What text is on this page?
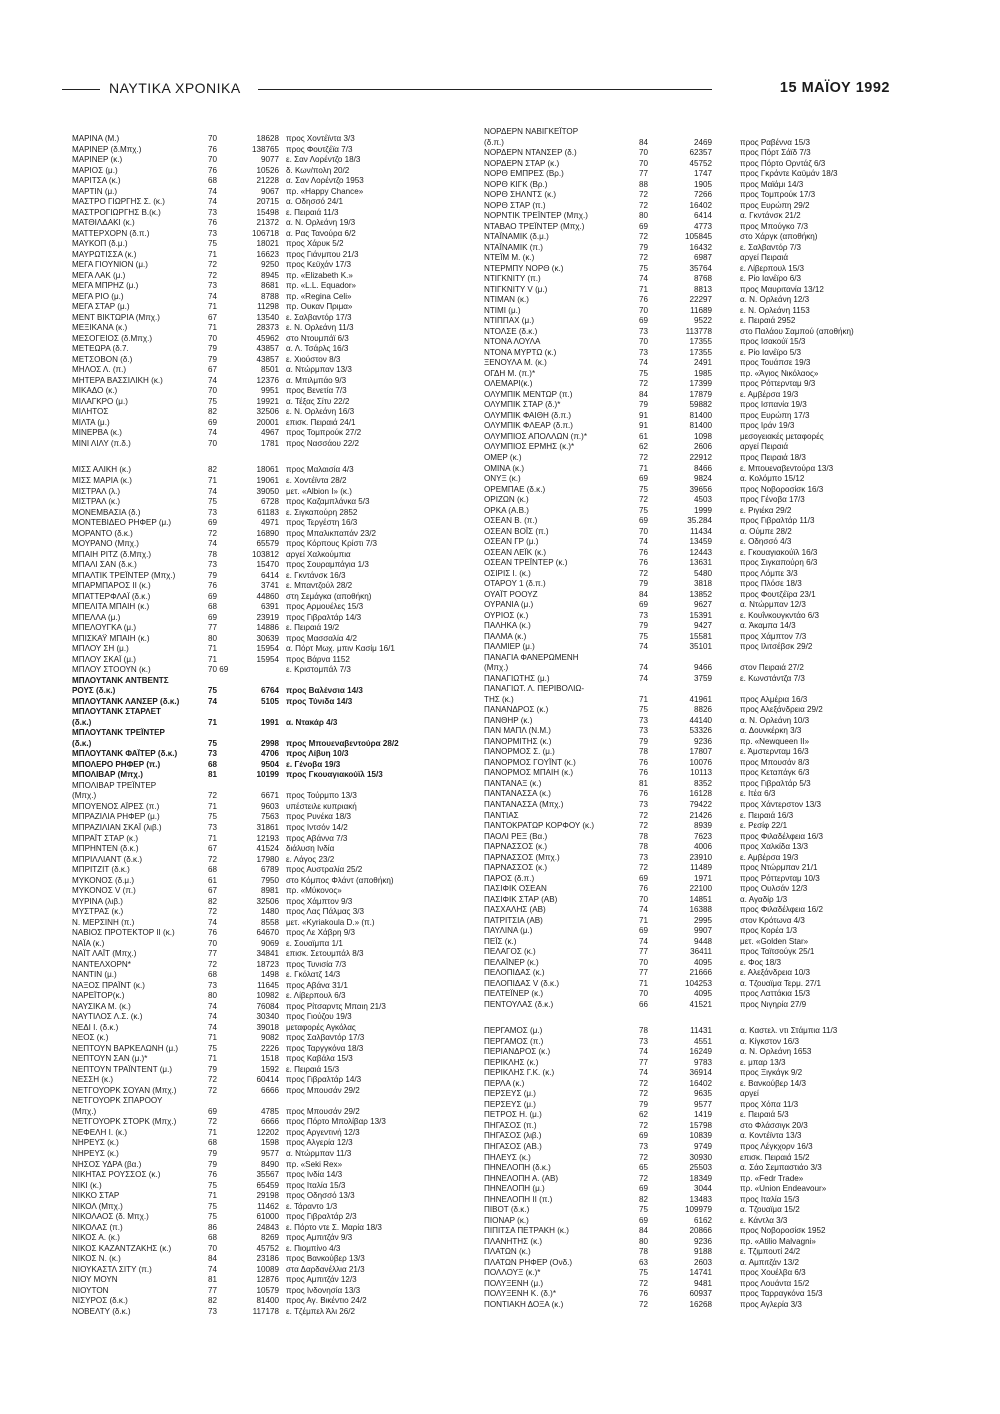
ΝΑΥΤΙΚΑ ΧΡΟΝΙΚΑ	15 ΜΑΪΟΥ 1992
ΜΑΡΙΝΑ (Μ.)	70	18628 προς Χοντέϊντα 3/3
ΜΑΡΙΝΕΡ (δ.Μπχ.)	76	138765 προς Φουτζέϊα 7/3
ΜΑΡΙΝΕΡ (κ.)	70	9077 ε. Σαν Λορέντζο 18/3
ΜΑΡΙΟΣ (μ.)	76	10526 δ. Κων/πολη 20/2
ΜΑΡΙΤΣΑ (κ.)	68	21228 α. Σαν Λορέντζο 1953
ΜΑΡΤΙΝ (μ.)	74	9067 πρ. «Happy Chance»
ΜΑΣΤΡΟ ΓΙΩΡΓΗΣ Σ. (κ.)	74	20715 α. Οδησσό 24/1
ΜΑΣΤΡΟΓΙΩΡΓΗΣ Β.(κ.)	73	15498 ε. Πειραιά 11/3
ΜΑΤΘΙΛΔΑΚΙ (κ.)	76	21372 α. Ν. Ορλεάνη 19/3
ΜΑΤΤΕΡΧΟΡΝ (δ.π.)	73	106718 α. Ρας Τανούρα 6/2
ΜΑΥΚΟΠ (δ.μ.)	75	18021 προς Χάρυκ 5/2
ΜΑΥΡΩΤΙΣΣΑ (κ.)	71	16623 προς Γιάνμπου 21/3
ΜΕΓΑ ΓΙΟΥΝΙΟΝ (μ.)	72	9250 προς Κεϋχάν 17/3
ΜΕΓΑ ΛΑΚ (μ.)	72	8945 πρ. «Elizabeth K.»
ΜΕΓΑ ΜΠΡΗΖ (μ.)	73	8681 πρ. «L.L. Equador»
ΜΕΓΑ ΡΙΟ (μ.)	74	8788 πρ. «Regina Celi»
ΜΕΓΑ ΣΤΑΡ (μ.)	71	11298 πρ. Ουκαν Πριμα»
ΜΕΝΤ ΒΙΚΤΩΡΙΑ (Μπχ.)	67	13540 ε. Σαλβαντόρ 17/3
ΜΕΞΙΚΑΝΑ (κ.)	71	28373 ε. Ν. Ορλεάνη 11/3
ΜΕΣΟΓΕΙΟΣ (δ.Μπχ.)	70	45962 στο Ντουμπάϊ 6/3
ΜΕΤΕΩΡΑ (δ.7.	79	43857 α. Λ. Τσάρλς 16/3
ΜΕΤΣΟΒΟΝ (δ.)	79	43857 ε. Χιούστον 8/3
ΜΗΛΟΣ Λ. (π.)	67	8501 α. Ντώρμπαν 13/3
ΜΗΤΕΡΑ ΒΑΣΣΙΛΙΚΗ (κ.)	74	12376 α. Μπιλμπάο 9/3
ΜΙΚΑΔΟ (κ.)	70	9951 προς Βενετία 7/3
ΜΙΛΑΓΚΡΟ (μ.)	75	19921 α. Τέξας Σίτυ 22/2
ΜΙΛΗΤΟΣ	82	32506 ε. Ν. Ορλεάνη 16/3
ΜΙΛΤΑ (μ.)	69	20001 επισκ. Πειραιά 24/1
ΜΙΝΕΡΒΑ (κ.)	74	4967 προς Τομπρούκ 27/2
ΜΙΝΙ ΛΙΛΥ (π.δ.)	70	1781 προς Νασσάου 22/2
ΜΙΣΣ ΑΛΙΚΗ (κ.)	82	18061 προς Μαλαισία 4/3
ΜΙΣΣ ΜΑΡΙΑ (κ.)	71	19061 ε. Χοντέϊντα 28/2
ΜΙΣΤΡΑΛ (λ.)	74	39050 μετ. «Albion I» (κ.)
ΜΙΣΤΡΑΛ (κ.)	75	6728 προς Καζαμπλάνκα 5/3
ΜΟΝΕΜΒΑΣΙΑ (δ.)	73	61183 ε. Σιγκαπούρη 2852
ΜΟΝΤΕΒΙΔΕΟ ΡΗΦΕΡ (μ.)	69	4971 προς Τεργέστη 16/3
ΜΟΡΑΝΤΟ (δ.κ.)	72	16890 προς Μπαλικπαπάν 23/2
ΜΟΥΡΑΝΟ (Μπχ.)	74	65579 προς Κόρπους Κρίστι 7/3
ΜΠΑΙΗ ΡΙΤΖ (δ.Μπχ.)	78	103812 αργεί Χαλκούμπια
ΜΠΑΛΙ ΣΑΝ (δ.κ.)	73	15470 προς Σουραμπάγια 1/3
ΜΠΑΛΤΙΚ ΤΡΕΪΝΤΕΡ (Μπχ.)	79	6414 ε. Γκντάνσκ 16/3
ΜΠΑΡΜΠΑΡΟΣ ΙΙ (κ.)	76	3741 ε. Μπαντζούλ 28/2
ΜΠΑΤΤΕΡΦΛΑΪ (δ.κ.)	69	44860 στη Σεμάγκα (αποθήκη)
ΜΠΕΛΙΤΑ ΜΠΑΙΗ (κ.)	68	6391 προς Αρμουέλες 15/3
ΜΠΕΛΛΑ (μ.)	69	23919 προς Γιβραλτάρ 14/3
ΜΠΕΛΟΥΓΚΑ (μ.)	77	14886 ε. Πειραιά 19/2
ΜΠΙΣΚΑΫ ΜΠΑΙΗ (κ.)	80	30639 προς Μασσαλία 4/2
ΜΠΛΟΥ ΣΗ (μ.)	71	15954 α. Πόρτ Μωχ. μπιν Κασίμ 16/1
ΜΠΛΟΥ ΣΚΑΪ (μ.)	71	15954 προς Βάρνα 1152
ΜΠΛΟΥ ΣΤΟΟΥΝ (κ.)	70 69	ε. Κριστομπάλ 7/3
ΜΠΛΟΥΤΑΝΚ ΑΝΤΒΕΝΤΣ
ΡΟΥΣ (δ.κ.)	75	6764 προς Βαλένσια 14/3
ΜΠΛΟΥΤΑΝΚ ΛΑΝΣΕΡ (δ.κ.)	74	5105 προς Τύνιδα 14/3
ΜΠΛΟΥΤΑΝΚ ΣΤΑΡΛΕΤ
(δ.κ.)	71	1991 α. Ντακάρ 4/3
ΜΠΛΟΥΤΑΝΚ ΤΡΕΪΝΤΕΡ
(δ.κ.)	75	2998 προς Μπουεναβεντούρα 28/2
ΜΠΛΟΥΤΑΝΚ ΦΑΪΤΕΡ (δ.κ.)	73	4706 προς Λίβυη 10/3
ΜΠΟΛΕΡΟ ΡΗΦΕΡ (π.)	68	9504 ε. Γένοβα 19/3
ΜΠΟΛΙΒΑΡ (Μπχ.)	81	10199 προς Γκουαγιακούϊλ 15/3
ΜΠΟΛΙΒΑΡ ΤΡΕΪΝΤΕΡ
(Μπχ.)	72	6671 προς Τούρμπο 13/3
ΜΠΟΥΕΝΟΣ ΑΪΡΕΣ (π.)	71	9603 υπέστειλε κυπριακή
ΜΠΡΑΖΙΛΙΑ ΡΗΦΕΡ (μ.)	75	7563 προς Ρυνέκα 18/3
ΜΠΡΑΖΙΛΙΑΝ ΣΚΑΪ (λιβ.)	73	31861 προς Ιντσόν 14/2
ΜΠΡΑΪΤ ΣΤΑΡ (κ.)	71	12193 προς Αβάννα 7/3
ΜΠΡΗΝΤΕΝ (δ.κ.)	67	41524 διάλυση Ινδία
ΜΠΡΙΛΛΙΑΝΤ (δ.κ.)	72	17980 ε. Λάγος 23/2
ΜΠΡΙΤΖΙΤ (δ.κ.)	68	6789 προς Αυστραλία 25/2
ΜΥΚΟΝΟΣ (δ.μ.)	61	7950 στο Κόμπος Φλάντ (αποθήκη)
ΜΥΚΟΝΟΣ V (π.)	67	8981 πρ. «Μύκονος»
ΜΥΡΙΝΑ (λιβ.)	82	32506 προς Χάμπτον 9/3
ΜΥΣΤΡΑΣ (κ.)	72	1480 προς Λας Πάλμας 3/3
Ν. ΜΕΡΣΙΝΗ (π.)	74	8558 μετ. «Kyriakoula D.» (π.)
ΝΑΒΙΟΣ ΠΡΟΤΕΚΤΟΡ ΙΙ (κ.)	76	64670 προς Λε Χάβρη 9/3
ΝΑΪΑ (κ.)	70	9069 ε. Σουαϊμπα 1/1
ΝΑΪΤ ΛΑΪΤ (Μπχ.)	77	34841 επισκ. Σετουμπάλ 8/3
ΝΑΝΤΕΛΧΟΡΝ*	72	18723 προς Τυνισία 7/3
ΝΑΝΤΙΝ (μ.)	68	1498 ε. Γκόλατζ 14/3
ΝΑΞΟΣ ΠΡΑΪΝΤ (κ.)	73	11645 προς Αβάνα 31/1
ΝΑΡΕΪΤΟΡ(κ.)	80	10982 ε. Λίβερπουλ 6/3
ΝΑΥΣΙΚΑ Μ. (κ.)	74	76084 προς Ρίτσαρντς Μπαιη 21/3
ΝΑΥΤΙΛΟΣ Λ.Σ. (κ.)	74	30340 προς Γιούζου 19/3
ΝΕΔΙ Ι. (δ.κ.)	74	39018 μεταφορές Αγκόλας
ΝΕΟΣ (κ.)	71	9082 προς Σαλβαντόρ 17/3
ΝΕΠΤΟΥΝ ΒΑΡΚΕΛΩΝΗ (μ.)	75	2226 προς Ταργγκόνα 18/3
ΝΕΠΤΟΥΝ ΣΑΝ (μ.)*	71	1518 προς Καβάλα 15/3
ΝΕΠΤΟΥΝ ΤΡΑΪΝΤΕΝΤ (μ.)	79	1592 ε. Πειραιά 15/3
ΝΕΣΣΗ (κ.)	72	60414 προς Γιβραλτάρ 14/3
ΝΕΤΓΟΥΟΡΚ ΣΟΥΑΝ (Μπχ.)	72	6666 προς Μπουσάν 29/2
ΝΕΤΓΟΥΟΡΚ ΣΠΑΡΟΟΥ
(Μπχ.)	69	4785 προς Μπουσάν 29/2
ΝΕΤΓΟΥΟΡΚ ΣΤΟΡΚ (Μπχ.)	72	6666 προς Πόρτο Μπολίβαρ 13/3
ΝΕΦΕΛΗ Ι. (κ.)	71	12202 προς Αργεντινή 12/3
ΝΗΡΕΥΣ (κ.)	68	1598 προς Αλγερία 12/3
ΝΗΡΕΥΣ (κ.)	79	9577 α. Ντώρμπαν 11/3
ΝΗΣΟΣ ΥΔΡΑ (βα.)	79	8490 πρ. «Seki Rex»
ΝΙΚΗΤΑΣ ΡΟΥΣΣΟΣ (κ.)	76	35567 προς Ινδία 14/3
ΝΙΚΙ (κ.)	75	65459 προς Ιταλία 15/3
ΝΙΚΚΟ ΣΤΑΡ	71	29198 προς Οδησσό 13/3
ΝΙΚΟΛ (Μπχ.)	75	11462 ε. Τάραντο 1/3
ΝΙΚΟΛΑΟΣ (δ. Μπχ.)	75	61000 προς Γιβραλτάρ 2/3
ΝΙΚΟΛΑΣ (π.)	86	24843 ε. Πόρτο ντε Σ. Μαρία 18/3
ΝΙΚΟΣ Α. (κ.)	68	8269 προς Αμπιτζάν 9/3
ΝΙΚΟΣ ΚΑΖΑΝΤΖΑΚΗΣ (κ.)	70	45752 ε. Πιομπίνο 4/3
ΝΙΚΟΣ Ν. (κ.)	84	23186 προς Βανκούβερ 13/3
ΝΙΟΥΚΑΣΤΛ ΣΙΤΥ (π.)	74	10089 στα Δαρδανέλλια 21/3
ΝΙΟΥ ΜΟΥΝ	81	12876 προς Αμπιτζάν 12/3
ΝΙΟΥΤΟΝ	77	10579 προς Ινδονησία 13/3
ΝΙΣΥΡΟΣ (δ.κ.)	82	81400 προς Αγ. Βικέντιο 24/2
ΝΟΒΕΛΤΥ (δ.κ.)	73	117178 ε. Τζέμπελ Άλι 26/2
ΝΟΡΔΕΡΝ ΝΑΒΙΓΚΕΪΤΟΡ
(δ.π.)	84	2469	προς Ραβέννα 15/3
ΝΟΡΔΕΡΝ ΝΤΑΝΣΕΡ (δ.)	70	62357	προς Πόρτ Σάϊδ 7/3
ΝΟΡΔΕΡΝ ΣΤΑΡ (κ.)	70	45752	προς Πόρτο Ορντάζ 6/3
ΝΟΡΘ ΕΜΠΡΕΣ (Βρ.)	77	1747	προς Γκράντε Καϋμάν 18/3
ΝΟΡΘ ΚΙΓΚ (Βρ.)	88	1905	προς Μαϊάμι 14/3
ΝΟΡΘ ΣΗΛΝΤΣ (κ.)	72	7266	προς Τομπρούκ 17/3
ΝΟΡΘ ΣΤΑΡ (π.)	72	16402	προς Ευρώπη 29/2
ΝΟΡΝΤΙΚ ΤΡΕΪΝΤΕΡ (Μπχ.)	80	6414	α. Γκντάνσκ 21/2
ΝΤΑΒΑΟ ΤΡΕΪΝΤΕΡ (Μπχ.)	69	4773	προς Μπούγκο 7/3
ΝΤΑΪΝΑΜΙΚ (δ.μ.)	72	105845	στο Χάργκ (αποθήκη)
ΝΤΑΪΝΑΜΙΚ (π.)	79	16432	ε. Σαλβαντόρ 7/3
ΝΤΕΪΜ Μ. (κ.)	72	6987	αργεί Πειραιά
ΝΤΕΡΜΠΥ ΝΟΡΘ (κ.)	75	35764	ε. Λίβερπουλ 15/3
ΝΤΙΓΚΝΙΤΥ (π.)	74	8768	ε. Ρίο Ιανέϊρο 6/3
ΝΤΙΓΚΝΙΤΥ V (μ.)	71	8813	προς Μαυριτανία 13/12
ΝΤΙΜΑΝ (κ.)	76	22297	α. Ν. Ορλεάνη 12/3
ΝΤΙΜΙ (μ.)	70	11689	ε. Ν. Ορλεάνη 1153
ΝΤΙΠΠΑΧ (μ.)	69	9522	ε. Πειραιά 2952
ΝΤΟΛΣΕ (δ.κ.)	73	113778	στο Παλάου Σαμπού (αποθήκη)
ΝΤΟΝΑ ΛΟΥΛΑ	70	17355	προς Ισακούϊ 15/3
ΝΤΟΝΑ ΜΥΡΤΩ (κ.)	73	17355	ε. Ρίο Ιανέϊρο 5/3
ΞΕΝΟΥΛΑ Μ. (κ.)	74	2491	προς Τουάπσε 19/3
ΟΓΔΗ Μ. (π.)*	75	1985	πρ. «Άγιος Νικόλαος»
ΟΛΕΜΑΡΙ(κ.)	72	17399	προς Ρόττερνταμ 9/3
ΟΛΥΜΠΙΚ ΜΕΝΤΩΡ (π.)	84	17879	ε. Αμβέρσα 19/3
ΟΛΥΜΠΙΚ ΣΤΑΡ (δ.)*	79	59882	προς Ισπανία 19/3
ΟΛΥΜΠΙΚ ΦΑΙΘΗ (δ.π.)	91	81400	προς Ευρώπη 17/3
ΟΛΥΜΠΙΚ ΦΛΕΑΡ (δ.π.)	91	81400	προς Ιράν 19/3
ΟΛΥΜΠΙΟΣ ΑΠΟΛΛΩΝ (π.)*	61	1098	μεσογειακές μεταφορές
ΟΛΥΜΠΙΟΣ ΕΡΜΗΣ (κ.)*	62	2606	αργεί Πειραιά
ΟΜΕΡ (κ.)	72	22912	προς Πειραιά 18/3
ΟΜΙΝΑ (κ.)	71	8466	ε. Μπουεναβεντούρα 13/3
ΟΝΥΞ (κ.)	69	9824	α. Κολόμπο 15/12
ΟΡΕΜΠΑΕ (δ.κ.)	75	39656	προς Νοβοροσίσκ 16/3
ΟΡΙΖΩΝ (κ.)	72	4503	προς Γένοβα 17/3
ΟΡΚΑ (Α.Β.)	75	1999	ε. Ριγιέκα 29/2
ΟΣΕΑΝ Β. (π.)	69	35.284	προς Γιβραλτάρ 11/3
ΟΣΕΑΝ ΒΟΪΣ (π.)	70	11434	α. Ούμπε 28/2
ΟΣΕΑΝ ΓΡ (μ.)	74	13459	ε. Οδησσό 4/3
ΟΣΕΑΝ ΛΕΪΚ (κ.)	76	12443	ε. Γκουαγιακούϊλ 16/3
ΟΣΕΑΝ ΤΡΕΪΝΤΕΡ (κ.)	76	13631	προς Σιγκαπούρη 6/3
ΟΣΙΡΙΣ Ι. (κ.)	72	5480	προς Λόμπε 3/3
ΟΤΑΡΟΥ 1 (δ.π.)	79	3818	προς Πλόσε 18/3
ΟΥΑΪΤ ΡΟΟΥΖ	84	13852	προς Φουτζέϊρα 23/1
ΟΥΡΑΝΙΑ (μ.)	69	9627	α. Ντώρμπαν 12/3
ΟΥΡΙΟΣ (κ.)	73	15391	ε. Κουΐνκουγκντάο 6/3
ΠΑΛΗΚΑ (κ.)	79	9427	α. Άκαμπα 14/3
ΠΑΛΜΑ (κ.)	75	15581	προς Χάμπτον 7/3
ΠΑΛΜΙΕΡ (μ.)	74	35101	προς Ιλιτσέβσκ 29/2
ΠΑΝΑΓΙΑ ΦΑΝΕΡΩΜΕΝΗ
(Μπχ.)	74	9466	στον Πειραιά 27/2
ΠΑΝΑΓΙΩΤΗΣ (μ.)	74	3759	ε. Κωνστάντζα 7/3
ΠΑΝΑΓΙΩΤ. Λ. ΠΕΡΙΒΟΛΙΩ-
ΤΗΣ (κ.)	71	41961	προς Αλμέρια 16/3
ΠΑΝΑΝΔΡΟΣ (κ.)	75	8826	προς Αλεξάνδρεια 29/2
ΠΑΝΘΗΡ (κ.)	73	44140	α. Ν. Ορλεάνη 10/3
ΠΑΝ ΜΑΠΛ (Ν.Μ.)	73	53326	α. Δουνκέρκη 3/3
ΠΑΝΟΡΜΙΤΗΣ (κ.)	79	9236	πρ. «Newqueen II»
ΠΑΝΟΡΜΟΣ Σ. (μ.)	78	17807	ε. Άμστερνταμ 16/3
ΠΑΝΟΡΜΟΣ ΓΟΥΪΝΤ (κ.)	76	10076	προς Μπουσάν 8/3
ΠΑΝΟΡΜΟΣ ΜΠΑΙΗ (κ.)	76	10113	προς Κεταπάγκ 6/3
ΠΑΝΤΑΝΑΞ (κ.)	81	8352	προς Γιβραλτάρ 5/3
ΠΑΝΤΑΝΑΣΣΑ (κ.)	76	16128	ε. Ιτέα 6/3
ΠΑΝΤΑΝΑΣΣΑ (Μπχ.)	73	79422	προς Χάντερστον 13/3
ΠΑΝΤΙΑΣ	72	21426	ε. Πειραιά 16/3
ΠΑΝΤΟΚΡΑΤΩΡ ΚΟΡΦΟΥ (κ.)	72	8939	ε. Ρεσίφ 22/1
ΠΑΟΛΙ ΡΕΞ (Βα.)	78	7623	προς Φιλαδέλφεια 16/3
ΠΑΡΝΑΣΣΟΣ (κ.)	78	4006	προς Χαλκίδα 13/3
ΠΑΡΝΑΣΣΟΣ (Μπχ.)	73	23910	ε. Αμβέρσα 19/3
ΠΑΡΝΑΣΣΟΣ (κ.)	72	11489	προς Ντώρμπαν 21/1
ΠΑΡΟΣ (δ.π.)	69	1971	προς Ρόττερνταμ 10/3
ΠΑΣΙΦΙΚ ΟΣΕΑΝ	76	22100	προς Ουλσάν 12/3
ΠΑΣΙΦΙΚ ΣΤΑΡ (ΑΒ)	70	14851	α. Αγαδίρ 1/3
ΠΑΣΧΑΛΗΣ (ΑΒ)	74	16388	προς Φιλαδέλφεια 16/2
ΠΑΤΡΙΤΣΙΑ (ΑΒ)	71	2995	στον Κρότωνα 4/3
ΠΑΥΛΙΝΑ (μ.)	69	9907	προς Κορέα 1/3
ΠΕΪΣ (κ.)	74	9448	μετ. «Golden Star»
ΠΕΛΑΓΟΣ (κ.)	77	36411	προς Ταϊτσούγκ 25/1
ΠΕΛΑΪΝΕΡ (κ.)	70	4095	ε. Φος 18/3
ΠΕΛΟΠΙΔΑΣ (κ.)	77	21666	ε. Αλεξάνδρεια 10/3
ΠΕΛΟΠΙΔΑΣ V (δ.κ.)	71	104253	α. Τζουαϊμα Τερμ. 27/1
ΠΕΛΤΕΪΝΕΡ (κ.)	70	4095	προς Λαττάκια 15/3
ΠΕΝΤΟΥΛΑΣ (δ.κ.)	66	41521	προς Νιγηρία 27/9
ΠΕΡΓΑΜΟΣ (μ.)	78	11431	α. Καστελ. ντι Στάμπια 11/3
ΠΕΡΓΑΜΟΣ (π.)	73	4551	α. Κίγκστον 16/3
ΠΕΡΙΑΝΔΡΟΣ (κ.)	74	16249	α. Ν. Ορλεάνη 1653
ΠΕΡΙΚΛΗΣ (κ.)	77	9783	ε. μπαρ 13/3
ΠΕΡΙΚΛΗΣ Γ.Κ. (κ.)	74	36914	προς Ξιγκάγκ 9/2
ΠΕΡΛΑ (κ.)	72	16402	ε. Βανκούβερ 14/3
ΠΕΡΣΕΥΣ (μ.)	72	9635	αργεί
ΠΕΡΣΕΥΣ (μ.)	79	9577	προς Χόπα 11/3
ΠΕΤΡΟΣ Η. (μ.)	62	1419	ε. Πειραιά 5/3
ΠΗΓΑΣΟΣ (π.)	72	15798	στο Φλάσσιγκ 20/3
ΠΗΓΑΣΟΣ (λιβ.)	69	10839	α. Κοντέϊντα 13/3
ΠΗΓΑΣΟΣ (ΑΒ.)	73	9749	προς Λέγκχορν 16/3
ΠΗΛΕΥΣ (κ.)	72	30930	επισκ. Πειραιά 15/2
ΠΗΝΕΛΟΠΗ (δ.κ.)	65	25503	α. Σάο Σεμπαστιάο 3/3
ΠΗΝΕΛΟΠΗ Α. (ΑΒ)	72	18349	πρ. «Fedr Trade»
ΠΗΝΕΛΟΠΗ (μ.)	69	3044	πρ. «Union Endeavour»
ΠΗΝΕΛΟΠΗ ΙΙ (π.)	82	13483	προς Ιταλία 15/3
ΠΙΒΟΤ (δ.κ.)	75	109979	α. Τζουαϊμα 15/2
ΠΙΟΝΑΡ (κ.)	69	6162	ε. Κάντλα 3/3
ΠΙΠΙΤΣΑ ΠΕΤΡΑΚΗ (κ.)	84	20866	προς Νοβοροσίσκ 1952
ΠΛΑΝΗΤΗΣ (κ.)	80	9236	πρ. «Atilio Malvagni»
ΠΛΑΤΩΝ (κ.)	78	9188	ε. Τζιμπουτί 24/2
ΠΛΑΤΩΝ ΡΗΦΕΡ (Ονδ.)	63	2603	α. Αμπιτζάν 13/2
ΠΟΛΛΟΥΞ (κ.)*	75	14741	προς Χουέλβα 6/3
ΠΟΛΥΞΕΝΗ (μ.)	72	9481	προς Λουάντα 15/2
ΠΟΛΥΞΕΝΗ Κ. (δ.)*	76	60937	προς Ταρραγκόνα 15/3
ΠΟΝΤΙΑΚΗ ΔΟΞΑ (κ.)	72	16268	προς Αγλερία 3/3
